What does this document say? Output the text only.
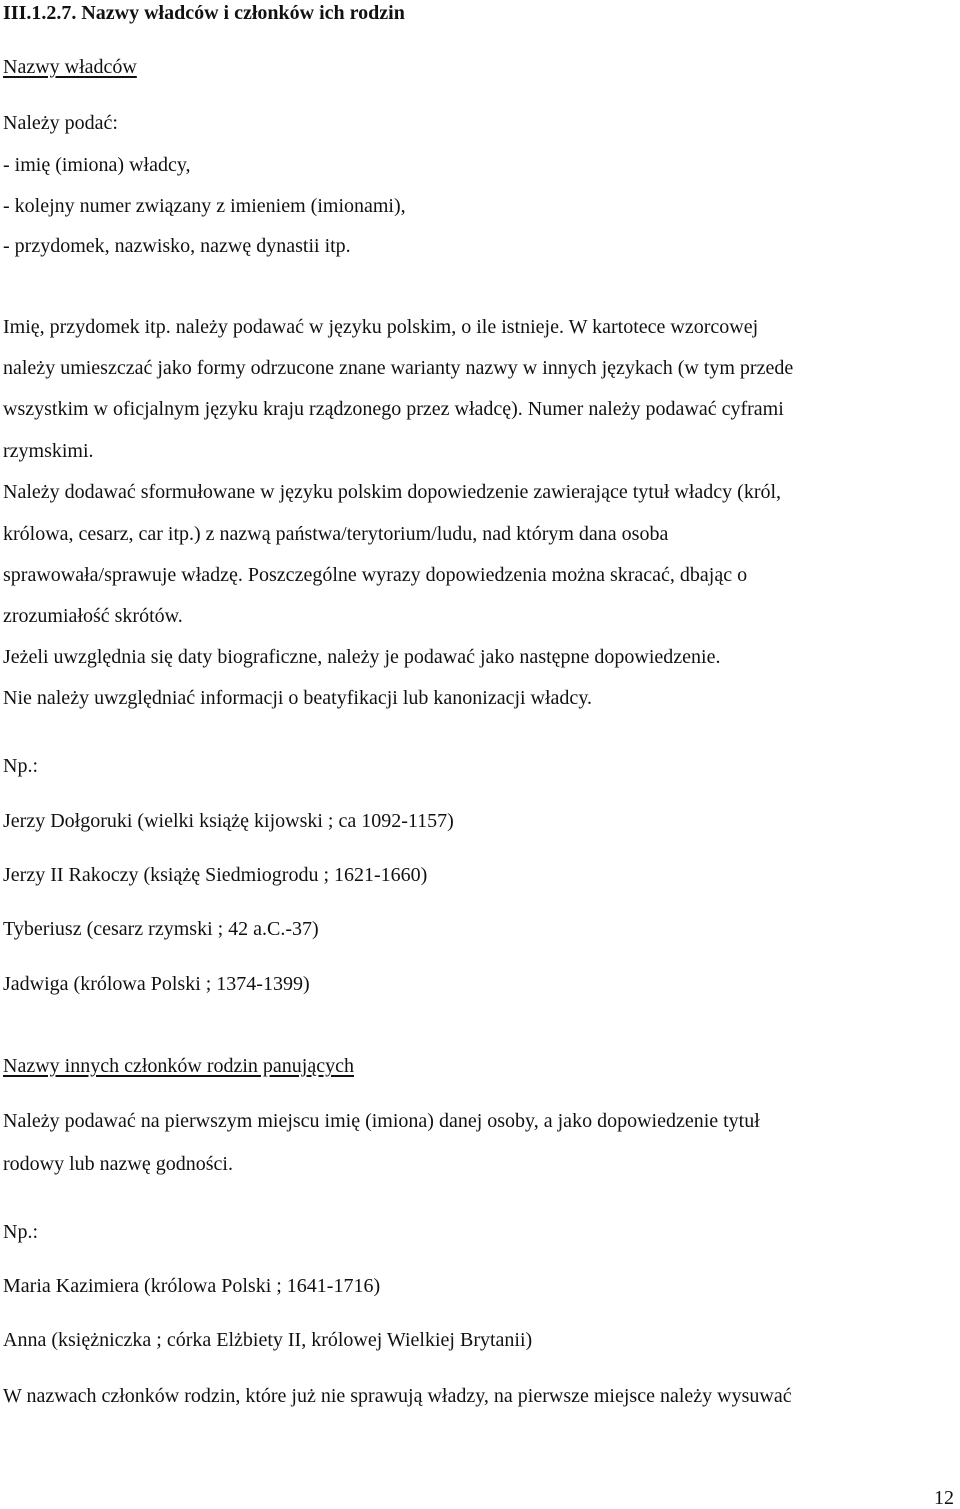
III.1.2.7. Nazwy władców i członków ich rodzin
Nazwy władców
Należy podać:
- imię (imiona) władcy,
- kolejny numer związany z imieniem (imionami),
- przydomek, nazwisko, nazwę dynastii itp.
Imię, przydomek itp. należy podawać w języku polskim, o ile istnieje. W kartotece wzorcowej
należy umieszczać jako formy odrzucone znane warianty nazwy w innych językach (w tym przede
wszystkim w oficjalnym języku kraju rządzonego przez władcę). Numer należy podawać cyframi
rzymskimi.
Należy dodawać sformułowane w języku polskim dopowiedzenie zawierające tytuł władcy (król,
królowa, cesarz, car itp.) z nazwą państwa/terytorium/ludu, nad którym dana osoba
sprawowała/sprawuje władzę. Poszczególne wyrazy dopowiedzenia można skracać, dbając o
zrozumiałość skrótów.
Jeżeli uwzględnia się daty biograficzne, należy je podawać jako następne dopowiedzenie.
Nie należy uwzględniać informacji o beatyfikacji lub kanonizacji władcy.
Np.:
Jerzy Dołgoruki (wielki książę kijowski ; ca 1092-1157)
Jerzy II Rakoczy (książę Siedmiogrodu ; 1621-1660)
Tyberiusz (cesarz rzymski ; 42 a.C.-37)
Jadwiga (królowa Polski ; 1374-1399)
Nazwy innych członków rodzin panujących
Należy podawać na pierwszym miejscu imię (imiona) danej osoby, a jako dopowiedzenie tytuł
rodowy lub nazwę godności.
Np.:
Maria Kazimiera (królowa Polski ; 1641-1716)
Anna (księżniczka ; córka Elżbiety II, królowej Wielkiej Brytanii)
W nazwach członków rodzin, które już nie sprawują władzy, na pierwsze miejsce należy wysuwać
12
